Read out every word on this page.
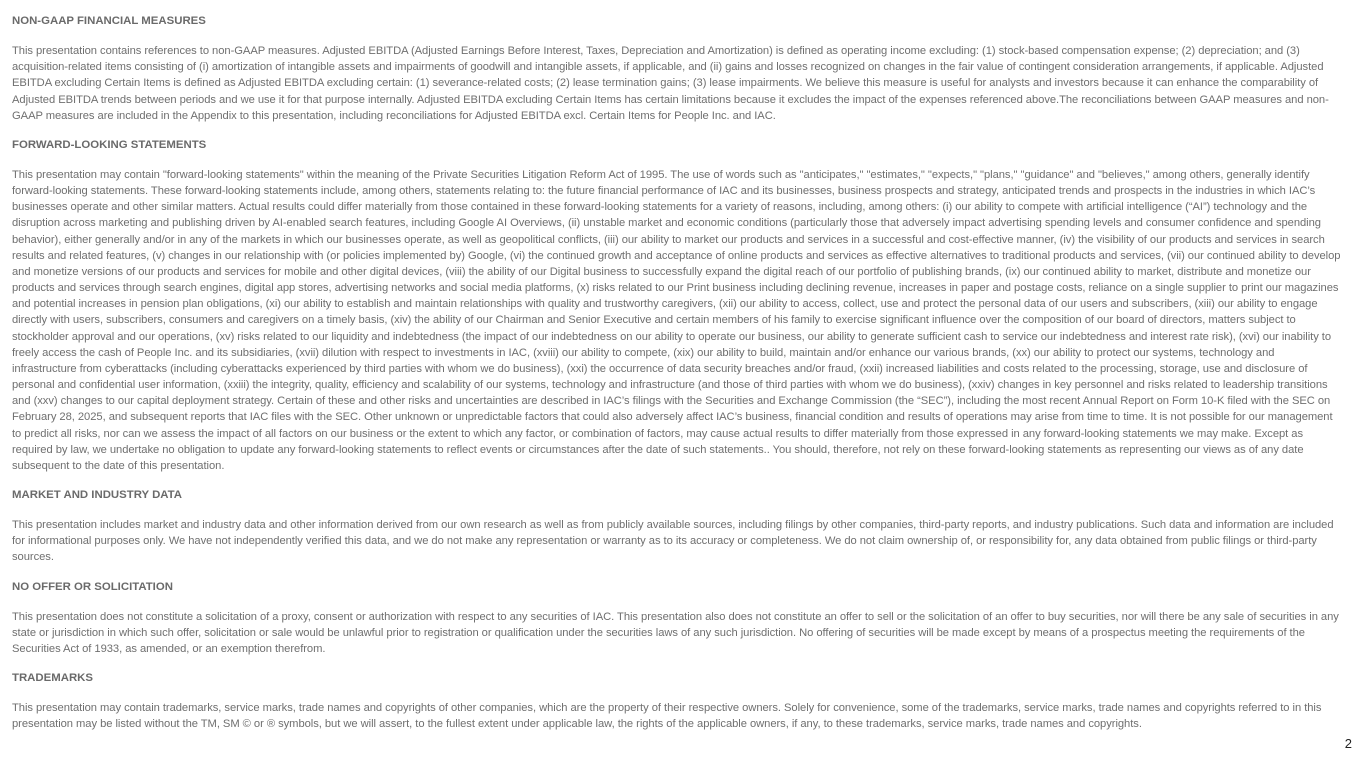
NON-GAAP FINANCIAL MEASURES

This presentation contains references to non-GAAP measures. Adjusted EBITDA (Adjusted Earnings Before Interest, Taxes, Depreciation and Amortization) is defined as operating income excluding: (1) stock-based compensation expense; (2) depreciation; and (3) acquisition-related items consisting of (i) amortization of intangible assets and impairments of goodwill and intangible assets, if applicable, and (ii) gains and losses recognized on changes in the fair value of contingent consideration arrangements, if applicable. Adjusted EBITDA excluding Certain Items is defined as Adjusted EBITDA excluding certain: (1) severance-related costs; (2) lease termination gains; (3) lease impairments. We believe this measure is useful for analysts and investors because it can enhance the comparability of Adjusted EBITDA trends between periods and we use it for that purpose internally. Adjusted EBITDA excluding Certain Items has certain limitations because it excludes the impact of the expenses referenced above.The reconciliations between GAAP measures and non-GAAP measures are included in the Appendix to this presentation, including reconciliations for Adjusted EBITDA excl. Certain Items for People Inc. and IAC.

FORWARD-LOOKING STATEMENTS

This presentation may contain "forward-looking statements" within the meaning of the Private Securities Litigation Reform Act of 1995. The use of words such as "anticipates," "estimates," "expects," "plans," "guidance" and "believes," among others, generally identify forward-looking statements. These forward-looking statements include, among others, statements relating to: the future financial performance of IAC and its businesses, business prospects and strategy, anticipated trends and prospects in the industries in which IAC’s businesses operate and other similar matters. Actual results could differ materially from those contained in these forward-looking statements for a variety of reasons, including, among others: (i) our ability to compete with artificial intelligence (“AI”) technology and the disruption across marketing and publishing driven by AI-enabled search features, including Google AI Overviews, (ii) unstable market and economic conditions (particularly those that adversely impact advertising spending levels and consumer confidence and spending behavior), either generally and/or in any of the markets in which our businesses operate, as well as geopolitical conflicts, (iii) our ability to market our products and services in a successful and cost-effective manner, (iv) the visibility of our products and services in search results and related features, (v) changes in our relationship with (or policies implemented by) Google, (vi) the continued growth and acceptance of online products and services as effective alternatives to traditional products and services, (vii) our continued ability to develop and monetize versions of our products and services for mobile and other digital devices, (viii) the ability of our Digital business to successfully expand the digital reach of our portfolio of publishing brands, (ix) our continued ability to market, distribute and monetize our products and services through search engines, digital app stores, advertising networks and social media platforms, (x) risks related to our Print business including declining revenue, increases in paper and postage costs, reliance on a single supplier to print our magazines and potential increases in pension plan obligations, (xi) our ability to establish and maintain relationships with quality and trustworthy caregivers, (xii) our ability to access, collect, use and protect the personal data of our users and subscribers, (xiii) our ability to engage directly with users, subscribers, consumers and caregivers on a timely basis, (xiv) the ability of our Chairman and Senior Executive and certain members of his family to exercise significant influence over the composition of our board of directors, matters subject to stockholder approval and our operations, (xv) risks related to our liquidity and indebtedness (the impact of our indebtedness on our ability to operate our business, our ability to generate sufficient cash to service our indebtedness and interest rate risk), (xvi) our inability to freely access the cash of People Inc. and its subsidiaries, (xvii) dilution with respect to investments in IAC, (xviii) our ability to compete, (xix) our ability to build, maintain and/or enhance our various brands, (xx) our ability to protect our systems, technology and infrastructure from cyberattacks (including cyberattacks experienced by third parties with whom we do business), (xxi) the occurrence of data security breaches and/or fraud, (xxii) increased liabilities and costs related to the processing, storage, use and disclosure of personal and confidential user information, (xxiii) the integrity, quality, efficiency and scalability of our systems, technology and infrastructure (and those of third parties with whom we do business), (xxiv) changes in key personnel and risks related to leadership transitions and (xxv) changes to our capital deployment strategy. Certain of these and other risks and uncertainties are described in IAC’s filings with the Securities and Exchange Commission (the “SEC”), including the most recent Annual Report on Form 10-K filed with the SEC on February 28, 2025, and subsequent reports that IAC files with the SEC. Other unknown or unpredictable factors that could also adversely affect IAC’s business, financial condition and results of operations may arise from time to time. It is not possible for our management to predict all risks, nor can we assess the impact of all factors on our business or the extent to which any factor, or combination of factors, may cause actual results to differ materially from those expressed in any forward-looking statements we may make. Except as required by law, we undertake no obligation to update any forward-looking statements to reflect events or circumstances after the date of such statements.. You should, therefore, not rely on these forward-looking statements as representing our views as of any date subsequent to the date of this presentation.

MARKET AND INDUSTRY DATA

This presentation includes market and industry data and other information derived from our own research as well as from publicly available sources, including filings by other companies, third-party reports, and industry publications. Such data and information are included for informational purposes only. We have not independently verified this data, and we do not make any representation or warranty as to its accuracy or completeness. We do not claim ownership of, or responsibility for, any data obtained from public filings or third-party sources.

NO OFFER OR SOLICITATION

This presentation does not constitute a solicitation of a proxy, consent or authorization with respect to any securities of IAC. This presentation also does not constitute an offer to sell or the solicitation of an offer to buy securities, nor will there be any sale of securities in any state or jurisdiction in which such offer, solicitation or sale would be unlawful prior to registration or qualification under the securities laws of any such jurisdiction. No offering of securities will be made except by means of a prospectus meeting the requirements of the Securities Act of 1933, as amended, or an exemption therefrom.

TRADEMARKS

This presentation may contain trademarks, service marks, trade names and copyrights of other companies, which are the property of their respective owners. Solely for convenience, some of the trademarks, service marks, trade names and copyrights referred to in this presentation may be listed without the TM, SM © or ® symbols, but we will assert, to the fullest extent under applicable law, the rights of the applicable owners, if any, to these trademarks, service marks, trade names and copyrights.

2
